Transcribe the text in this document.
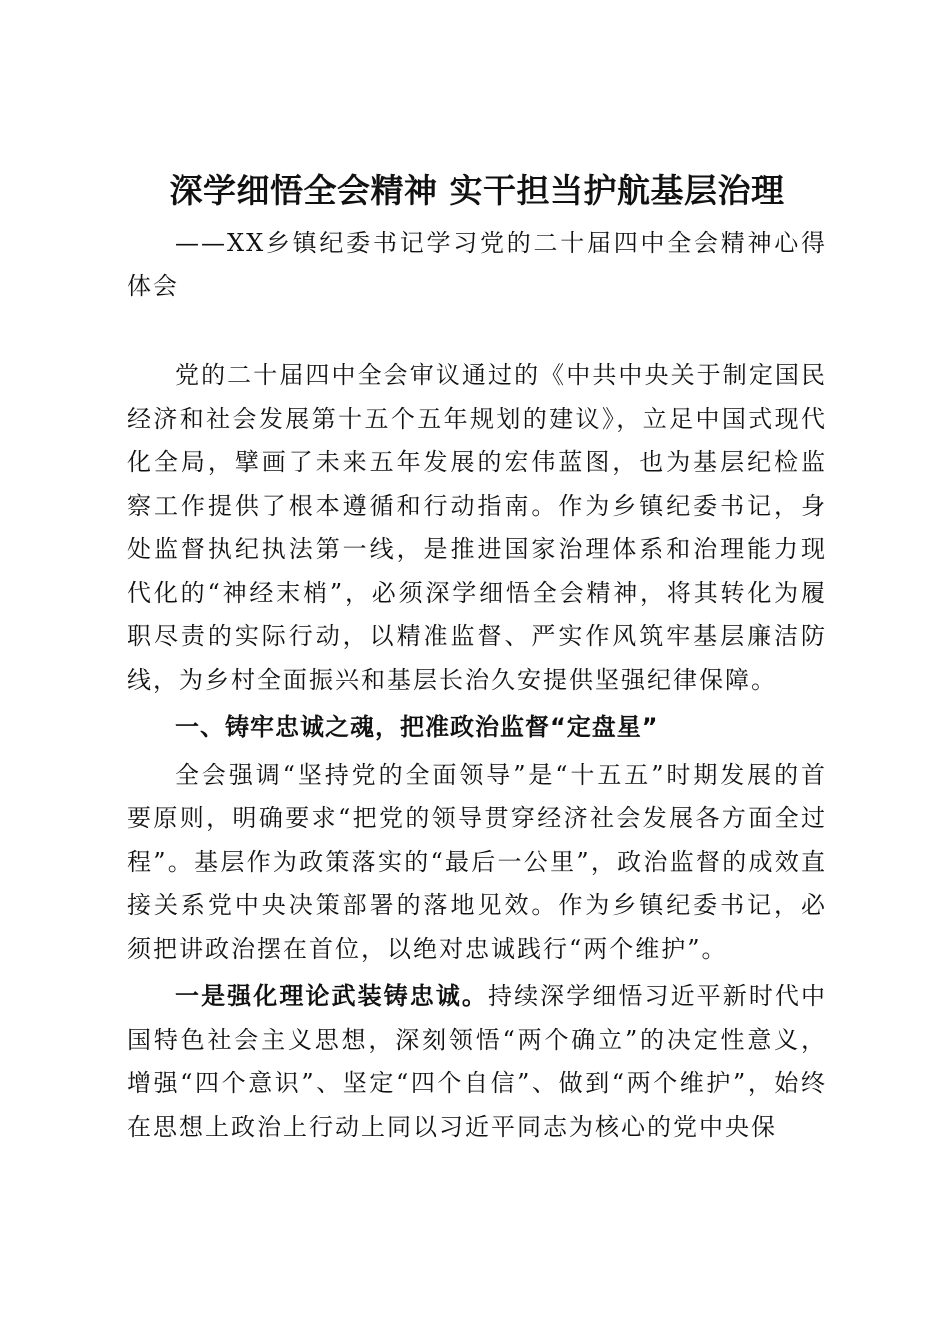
深学细悟全会精神 实干担当护航基层治理

——XX乡镇纪委书记学习党的二十届四中全会精神心得体会

党的二十届四中全会审议通过的《中共中央关于制定国民经济和社会发展第十五个五年规划的建议》，立足中国式现代化全局，擘画了未来五年发展的宏伟蓝图，也为基层纪检监察工作提供了根本遵循和行动指南。作为乡镇纪委书记，身处监督执纪执法第一线，是推进国家治理体系和治理能力现代化的“神经末梢”，必须深学细悟全会精神，将其转化为履职尽责的实际行动，以精准监督、严实作风筑牢基层廉洁防线，为乡村全面振兴和基层长治久安提供坚强纪律保障。

一、铸牢忠诚之魂，把准政治监督“定盘星”

全会强调“坚持党的全面领导”是“十五五”时期发展的首要原则，明确要求“把党的领导贯穿经济社会发展各方面全过程”。基层作为政策落实的“最后一公里”，政治监督的成效直接关系党中央决策部署的落地见效。作为乡镇纪委书记，必须把讲政治摆在首位，以绝对忠诚践行“两个维护”。

一是强化理论武装铸忠诚。持续深学细悟习近平新时代中国特色社会主义思想，深刻领悟“两个确立”的决定性意义，增强“四个意识”、坚定“四个自信”、做到“两个维护”，始终在思想上政治上行动上同以习近平同志为核心的党中央保
